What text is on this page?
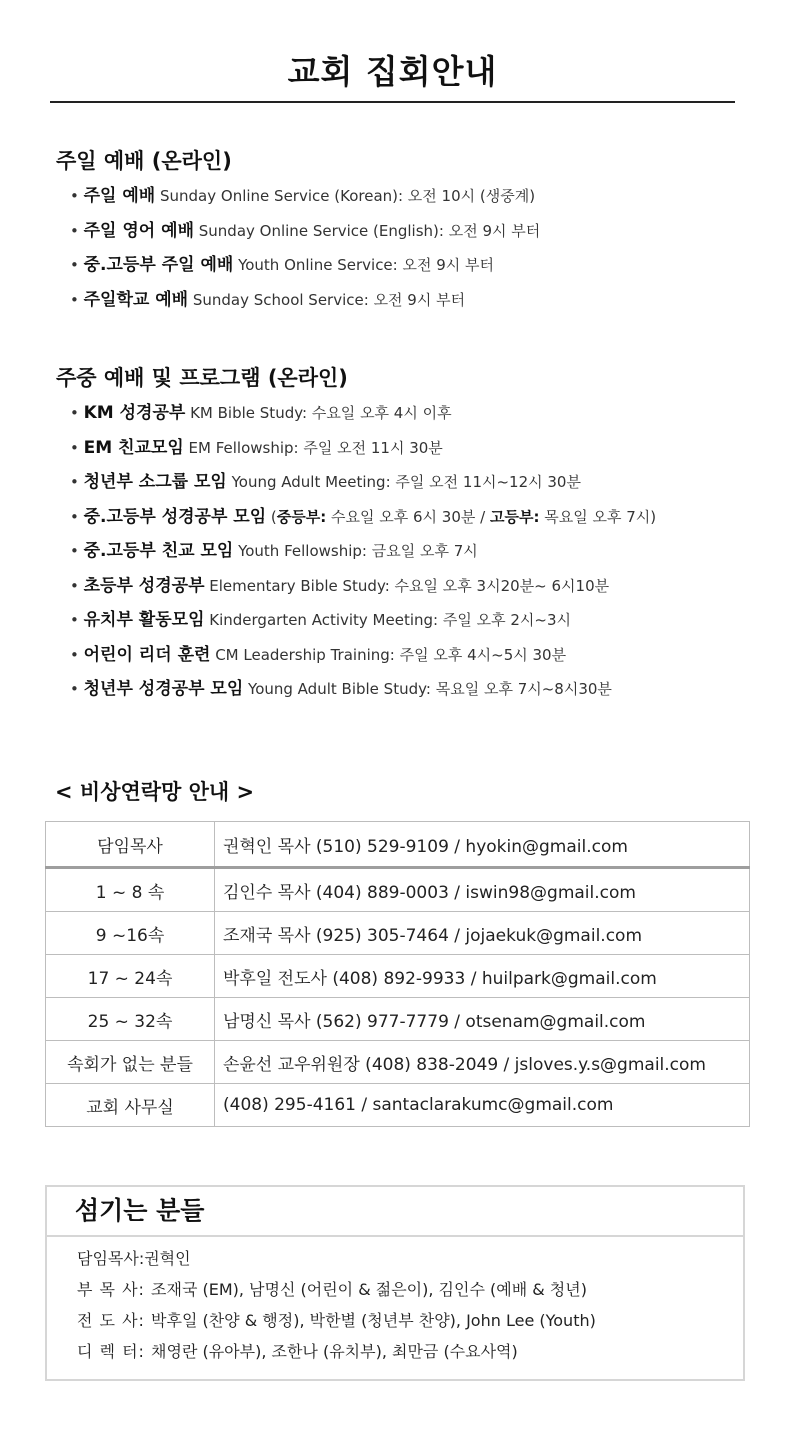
교회 집회안내
주일 예배 (온라인)
• 주일 예배 Sunday Online Service (Korean): 오전 10시 (생중계)
• 주일 영어 예배 Sunday Online Service (English): 오전 9시 부터
• 중.고등부 주일 예배 Youth Online Service: 오전 9시 부터
• 주일학교 예배 Sunday School Service: 오전 9시 부터
주중 예배 및 프로그램 (온라인)
• KM 성경공부 KM Bible Study: 수요일 오후 4시 이후
• EM 친교모임 EM Fellowship: 주일 오전 11시 30분
• 청년부 소그룹 모임 Young Adult Meeting: 주일 오전 11시~12시 30분
• 중.고등부 성경공부 모임 (중등부: 수요일 오후 6시 30분 / 고등부: 목요일 오후 7시)
• 중.고등부 친교 모임 Youth Fellowship: 금요일 오후 7시
• 초등부 성경공부 Elementary Bible Study: 수요일 오후 3시20분~ 6시10분
• 유치부 활동모임 Kindergarten Activity Meeting: 주일 오후 2시~3시
• 어린이 리더 훈련 CM Leadership Training: 주일 오후 4시~5시 30분
• 청년부 성경공부 모임 Young Adult Bible Study: 목요일 오후 7시~8시30분
< 비상연락망 안내 >
담임목사	권혁인 목사 (510) 529-9109 / hyokin@gmail.com
1 ~ 8 속	김인수 목사 (404) 889-0003 / iswin98@gmail.com
9 ~16속	조재국 목사 (925) 305-7464 / jojaekuk@gmail.com
17 ~ 24속	박후일 전도사 (408) 892-9933 / huilpark@gmail.com
25 ~ 32속	남명신 목사 (562) 977-7779 / otsenam@gmail.com
속회가 없는 분들	손윤선 교우위원장 (408) 838-2049 / jsloves.y.s@gmail.com
교회 사무실	(408) 295-4161 / santaclarakumc@gmail.com
섬기는 분들
담임목사:권혁인
부 목 사: 조재국 (EM), 남명신 (어린이 & 젊은이), 김인수 (예배 & 청년)
전 도 사: 박후일 (찬양 & 행정), 박한별 (청년부 찬양), John Lee (Youth)
디 렉 터: 채영란 (유아부), 조한나 (유치부), 최만금 (수요사역)
